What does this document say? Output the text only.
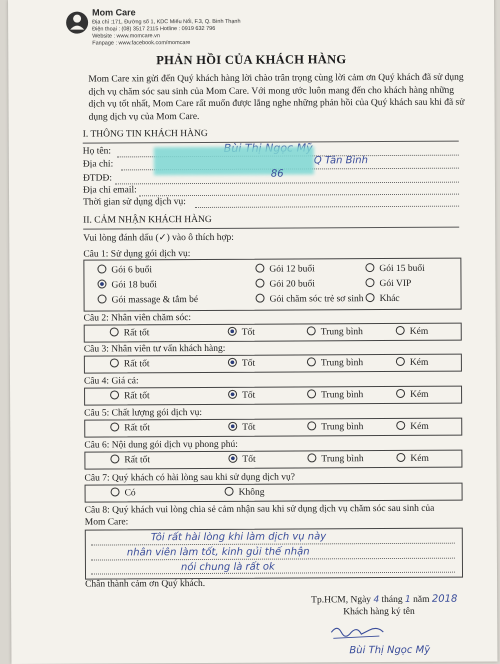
Mom Care
Địa chỉ :171, Đường số 1, KDC Miếu Nổi, F.3, Q. Bình Thạnh
Điện thoại : (08) 3517 2115 Hotline : 0919 632 796
Website : www.momcare.vn
Fanpage : www.facebook.com/momcare
PHẢN HỒI CỦA KHÁCH HÀNG
Mom Care xin gửi đến Quý khách hàng lời chào trân trọng cùng lời cảm ơn Quý khách đã sử dụng dịch vụ chăm sóc sau sinh của Mom Care. Với mong ước luôn mang đến cho khách hàng những dịch vụ tốt nhất, Mom Care rất muốn được lắng nghe những phản hồi của Quý khách sau khi đã sử dụng dịch vụ của Mom Care.
I. THÔNG TIN KHÁCH HÀNG
Họ tên:
Địa chỉ:	Q Tân Bình
ĐTDĐ:	86
Địa chỉ email:
Thời gian sử dụng dịch vụ:
II. CẢM NHẬN KHÁCH HÀNG
Vui lòng đánh dấu (✓) vào ô thích hợp:
Câu 1: Sử dụng gói dịch vụ:
Gói 6 buổi	Gói 12 buổi	Gói 15 buổi
Gói 18 buổi	Gói 20 buổi	Gói VIP
Gói massage & tắm bé	Gói chăm sóc trẻ sơ sinh	Khác
Câu 2: Nhân viên chăm sóc:
Rất tốt	Tốt	Trung bình	Kém
Câu 3: Nhân viên tư vấn khách hàng:
Rất tốt	Tốt	Trung bình	Kém
Câu 4: Giá cả:
Rất tốt	Tốt	Trung bình	Kém
Câu 5: Chất lượng gói dịch vụ:
Rất tốt	Tốt	Trung bình	Kém
Câu 6: Nội dung gói dịch vụ phong phú:
Rất tốt	Tốt	Trung bình	Kém
Câu 7: Quý khách có hài lòng sau khi sử dụng dịch vụ?
Có	Không
Câu 8: Quý khách vui lòng chia sẻ cảm nhận sau khi sử dụng dịch vụ chăm sóc sau sinh của
Mom Care:
Tôi rất hài lòng khi làm dịch vụ này
nhân viên làm tốt, kinh gủi thế nhận
nói chung là rất ok
Chân thành cảm ơn Quý khách.
Tp.HCM, Ngày 4 tháng 1 năm 2018
Khách hàng ký tên
Bùi Thị Ngọc Mỹ
